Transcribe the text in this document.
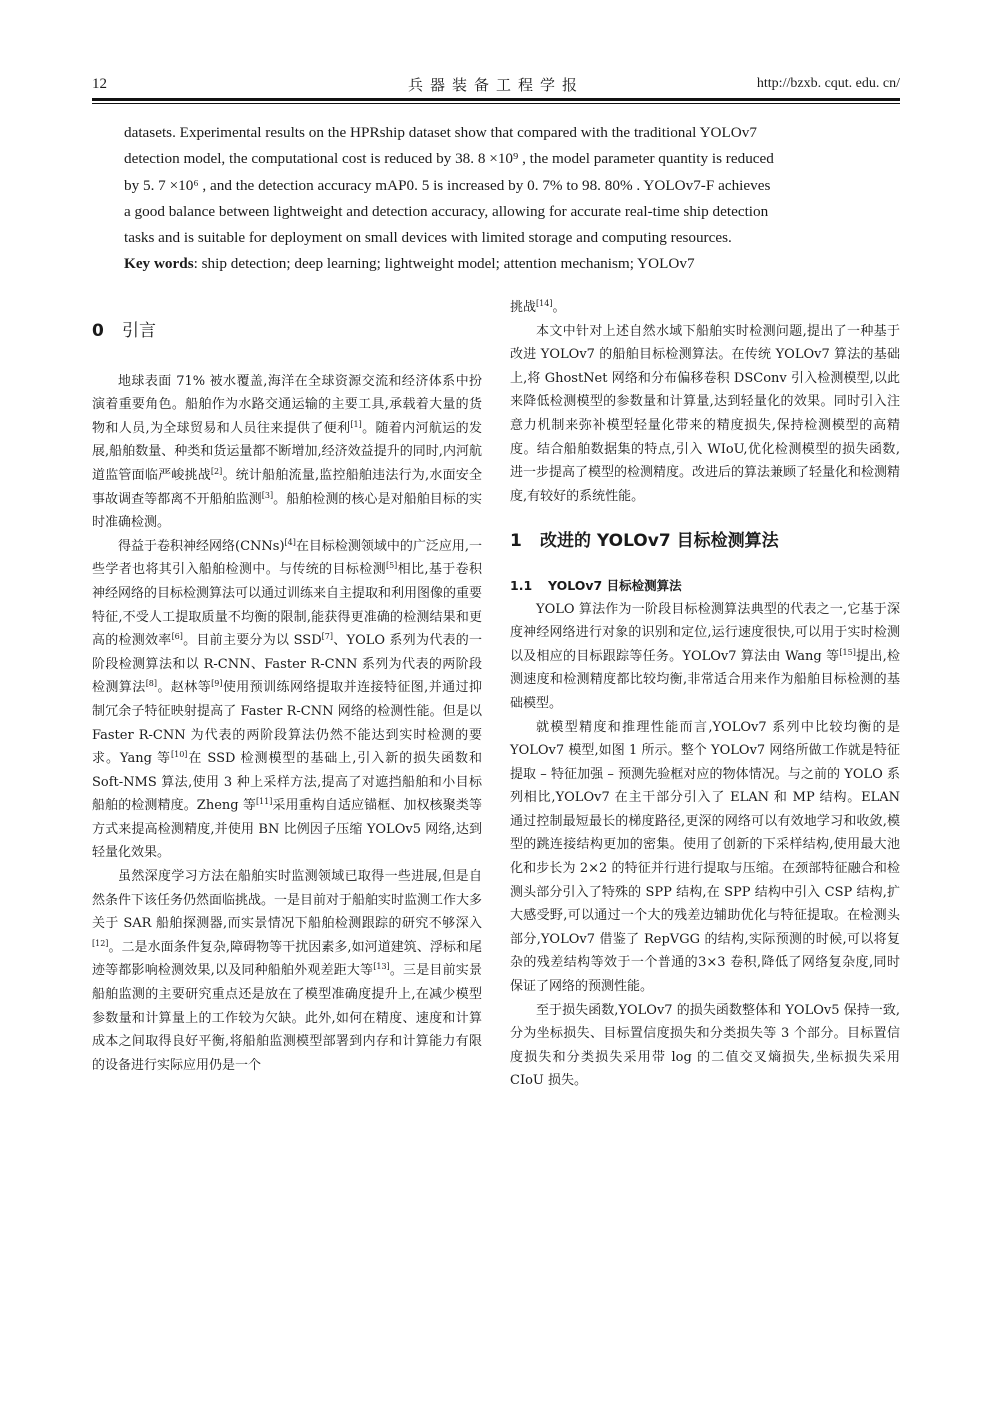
12	兵器装备工程学报	http://bzxb. cqut. edu. cn/

datasets. Experimental results on the HPRship dataset show that compared with the traditional YOLOv7

detection model, the computational cost is reduced by 38. 8 ×10⁹ , the model parameter quantity is reduced

by 5. 7 ×10⁶ , and the detection accuracy mAP0. 5 is increased by 0. 7% to 98. 80% . YOLOv7-F achieves

a good balance between lightweight and detection accuracy, allowing for accurate real-time ship detection

tasks and is suitable for deployment on small devices with limited storage and computing resources.

Key words: ship detection; deep learning; lightweight model; attention mechanism; YOLOv7

0 引言

地球表面 71% 被水覆盖,海洋在全球资源交流和经济体系中扮演着重要角色。船舶作为水路交通运输的主要工具,承载着大量的货物和人员,为全球贸易和人员往来提供了便利[1]。随着内河航运的发展,船舶数量、种类和货运量都不断增加,经济效益提升的同时,内河航道监管面临严峻挑战[2]。统计船舶流量,监控船舶违法行为,水面安全事故调查等都离不开船舶监测[3]。船舶检测的核心是对船舶目标的实时准确检测。

得益于卷积神经网络(CNNs)[4]在目标检测领域中的广泛应用,一些学者也将其引入船舶检测中。与传统的目标检测[5]相比,基于卷积神经网络的目标检测算法可以通过训练来自主提取和利用图像的重要特征,不受人工提取质量不均衡的限制,能获得更准确的检测结果和更高的检测效率[6]。目前主要分为以 SSD[7]、YOLO 系列为代表的一阶段检测算法和以 R-CNN、Faster R-CNN 系列为代表的两阶段检测算法[8]。赵林等[9]使用预训练网络提取并连接特征图,并通过抑制冗余子特征映射提高了 Faster R-CNN 网络的检测性能。但是以 Faster R-CNN 为代表的两阶段算法仍然不能达到实时检测的要求。Yang 等[10]在 SSD 检测模型的基础上,引入新的损失函数和 Soft-NMS 算法,使用 3 种上采样方法,提高了对遮挡船舶和小目标船舶的检测精度。Zheng 等[11]采用重构自适应锚框、加权核聚类等方式来提高检测精度,并使用 BN 比例因子压缩 YOLOv5 网络,达到轻量化效果。

虽然深度学习方法在船舶实时监测领域已取得一些进展,但是自然条件下该任务仍然面临挑战。一是目前对于船舶实时监测工作大多关于 SAR 船舶探测器,而实景情况下船舶检测跟踪的研究不够深入[12]。二是水面条件复杂,障碍物等干扰因素多,如河道建筑、浮标和尾迹等都影响检测效果,以及同种船舶外观差距大等[13]。三是目前实景船舶监测的主要研究重点还是放在了模型准确度提升上,在减少模型参数量和计算量上的工作较为欠缺。此外,如何在精度、速度和计算成本之间取得良好平衡,将船舶监测模型部署到内存和计算能力有限的设备进行实际应用仍是一个

挑战[14]。

本文中针对上述自然水域下船舶实时检测问题,提出了一种基于改进 YOLOv7 的船舶目标检测算法。在传统 YOLOv7 算法的基础上,将 GhostNet 网络和分布偏移卷积 DSConv 引入检测模型,以此来降低检测模型的参数量和计算量,达到轻量化的效果。同时引入注意力机制来弥补模型轻量化带来的精度损失,保持检测模型的高精度。结合船舶数据集的特点,引入 WIoU,优化检测模型的损失函数,进一步提高了模型的检测精度。改进后的算法兼顾了轻量化和检测精度,有较好的系统性能。

1 改进的 YOLOv7 目标检测算法
1.1 YOLOv7 目标检测算法

YOLO 算法作为一阶段目标检测算法典型的代表之一,它基于深度神经网络进行对象的识别和定位,运行速度很快,可以用于实时检测以及相应的目标跟踪等任务。YOLOv7 算法由 Wang 等[15]提出,检测速度和检测精度都比较均衡,非常适合用来作为船舶目标检测的基础模型。

就模型精度和推理性能而言,YOLOv7 系列中比较均衡的是 YOLOv7 模型,如图 1 所示。整个 YOLOv7 网络所做工作就是特征提取 – 特征加强 – 预测先验框对应的物体情况。与之前的 YOLO 系列相比,YOLOv7 在主干部分引入了 ELAN 和 MP 结构。ELAN 通过控制最短最长的梯度路径,更深的网络可以有效地学习和收敛,模型的跳连接结构更加的密集。使用了创新的下采样结构,使用最大池化和步长为 2×2 的特征并行进行提取与压缩。在颈部特征融合和检测头部分引入了特殊的 SPP 结构,在 SPP 结构中引入 CSP 结构,扩大感受野,可以通过一个大的残差边辅助优化与特征提取。在检测头部分,YOLOv7 借鉴了 RepVGG 的结构,实际预测的时候,可以将复杂的残差结构等效于一个普通的3×3 卷积,降低了网络复杂度,同时保证了网络的预测性能。

至于损失函数,YOLOv7 的损失函数整体和 YOLOv5 保持一致,分为坐标损失、目标置信度损失和分类损失等 3 个部分。目标置信度损失和分类损失采用带 log 的二值交叉熵损失,坐标损失采用 CIoU 损失。
